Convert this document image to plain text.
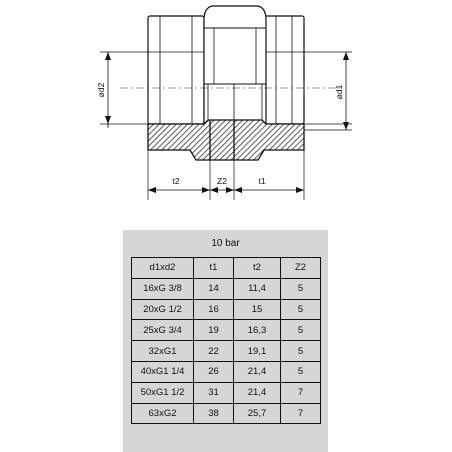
ød2	ød1
t2	Z2	t1
10 bar
d1xd2	t1	t2	Z2
16xG 3/8	14	11,4	5
20xG 1/2	16	15	5
25xG 3/4	19	16,3	5
32xG1	22	19,1	5
40xG1 1/4	26	21,4	5
50xG1 1/2	31	21,4	7
63xG2	38	25,7	7
